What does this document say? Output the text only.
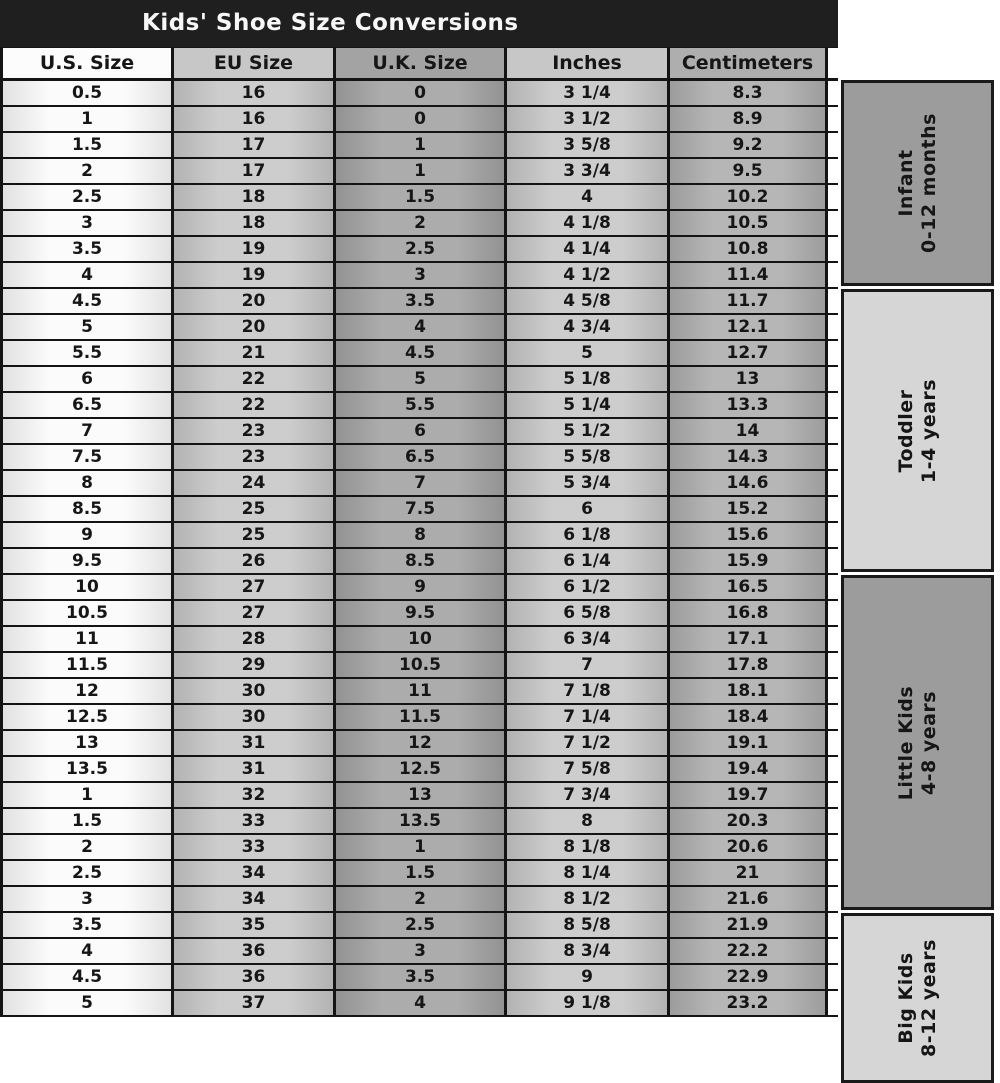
Kids' Shoe Size Conversions
U.S. Size	EU Size	U.K. Size	Inches	Centimeters
0.5	16	0	3 1/4	8.3
1	16	0	3 1/2	8.9
1.5	17	1	3 5/8	9.2
2	17	1	3 3/4	9.5
2.5	18	1.5	4	10.2
3	18	2	4 1/8	10.5
3.5	19	2.5	4 1/4	10.8
4	19	3	4 1/2	11.4
4.5	20	3.5	4 5/8	11.7
5	20	4	4 3/4	12.1
5.5	21	4.5	5	12.7
6	22	5	5 1/8	13
6.5	22	5.5	5 1/4	13.3
7	23	6	5 1/2	14
7.5	23	6.5	5 5/8	14.3
8	24	7	5 3/4	14.6
8.5	25	7.5	6	15.2
9	25	8	6 1/8	15.6
9.5	26	8.5	6 1/4	15.9
10	27	9	6 1/2	16.5
10.5	27	9.5	6 5/8	16.8
11	28	10	6 3/4	17.1
11.5	29	10.5	7	17.8
12	30	11	7 1/8	18.1
12.5	30	11.5	7 1/4	18.4
13	31	12	7 1/2	19.1
13.5	31	12.5	7 5/8	19.4
1	32	13	7 3/4	19.7
1.5	33	13.5	8	20.3
2	33	1	8 1/8	20.6
2.5	34	1.5	8 1/4	21
3	34	2	8 1/2	21.6
3.5	35	2.5	8 5/8	21.9
4	36	3	8 3/4	22.2
4.5	36	3.5	9	22.9
5	37	4	9 1/8	23.2
Infant 0-12 months
Toddler 1-4 years
Little Kids 4-8 years
Big Kids 8-12 years
